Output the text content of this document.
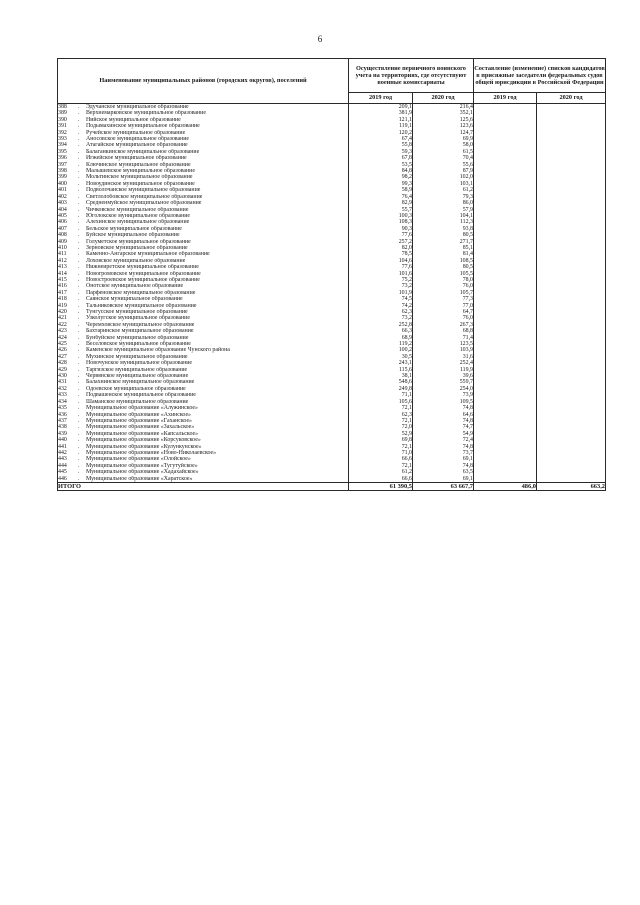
6
Наименование муниципальных районов (городских округов), поселений	Осуществление первичного воинского учета на территориях, где отсутствуют военные комиссариаты		Составление (изменение) списков кандидатов в присяжные заседатели федеральных судов общей юрисдикции в Российской Федерации	
	2019 год	2020 год	2019 год	2020 год
388 . Эдучанское муниципальное образование	209,1	216,4		
389 . Верхнемарковское муниципальное образование	381,9	352,1		
390 . Нийское муниципальное образование	121,1	125,6		
391 . Подымахинское муниципальное образование	119,1	123,6		
392 . Ручейское муниципальное образование	120,2	124,7		
393 . Аносовское муниципальное образование	67,4	69,9		
394 . Атагайское муниципальное образование	55,8	58,0		
395 . Балаганкинское муниципальное образование	59,3	61,5		
396 . Игжейское муниципальное образование	67,8	70,4		
397 . Ключинское муниципальное образование	53,5	55,6		
398 . Малышевское муниципальное образование	84,8	87,9		
399 . Мольтинское муниципальное образование	98,2	102,0		
400 . Новоудинское муниципальное образование	99,3	103,1		
401 . Подволочанское муниципальное образование	58,9	61,2		
402 . Светлолобовское муниципальное образование	76,4	79,3		
403 . Средненмуйское муниципальное образование	82,9	86,0		
404 . Чичковское муниципальное образование	55,7	57,9		
405 . Юголокское муниципальное образование	100,3	104,1		
406 . Алехинское муниципальное образование	108,3	112,3		
407 . Бельское муниципальное образование	90,3	93,8		
408 . Буйское муниципальное образование	77,6	80,5		
409 . Голуметское муниципальное образование	257,2	271,7		
410 . Зерновское муниципальное образование	82,0	85,1		
411 . Каменно-Ангарское муниципальное образование	78,5	81,4		
412 . Лоховское муниципальное образование	104,6	108,5		
413 . Нижнеиретское муниципальное образование	77,6	80,5		
414 . Новогромовское муниципальное образование	101,6	105,5		
415 . Новостроевское муниципальное образование	75,2	78,0		
416 . Онотское муниципальное образование	73,2	76,0		
417 . Парфеновское муниципальное образование	101,9	105,7		
418 . Саянское муниципальное образование	74,5	77,3		
419 . Тальниковское муниципальное образование	74,2	77,0		
420 . Тунгусское муниципальное образование	62,3	64,7		
421 . Узколугское муниципальное образование	73,2	76,0		
422 . Черемховское муниципальное образование	252,8	267,3		
423 . Бахтаринское муниципальное образование	66,3	68,8		
424 . Бунбуйское муниципальное образование	68,9	71,4		
425 . Веселовское муниципальное образование	119,2	123,5		
426 . Каменское муниципальное образование Чунского района	100,2	103,9		
427 . Мухинское муниципальное образование	30,5	31,6		
428 . Новочунское муниципальное образование	243,1	252,4		
429 . Таргизское муниципальное образование	115,6	119,9		
430 . Червянское муниципальное образование	38,1	39,6		
431 . Балахнинское муниципальное образование	548,6	559,7		
432 . Одоевское муниципальное образование	249,8	254,0		
433 . Подвашенское муниципальное образование	71,1	73,9		
434 . Шаманское муниципальное образование	105,6	109,5		
435 . Муниципальное образование «Алужинское»	72,1	74,8		
436 . Муниципальное образование «Ахинское»	62,3	64,6		
437 . Муниципальное образование «Гаханское»	72,1	74,8		
438 . Муниципальное образование «Захальское»	72,0	74,7		
439 . Муниципальное образование «Капсальское»	52,9	54,9		
440 . Муниципальное образование «Корсуковское»	69,8	72,4		
441 . Муниципальное образование «Кулункунское»	72,1	74,8		
442 . Муниципальное образование «Ново-Николаевское»	71,0	73,7		
443 . Муниципальное образование «Олойское»	66,6	69,1		
444 . Муниципальное образование «Тугутуйское»	72,1	74,8		
445 . Муниципальное образование «Хадахайское»	61,2	63,5		
446 . Муниципальное образование «Харатское»	66,6	69,1		
ИТОГО	61 390,5	63 667,7	486,0	663,2
